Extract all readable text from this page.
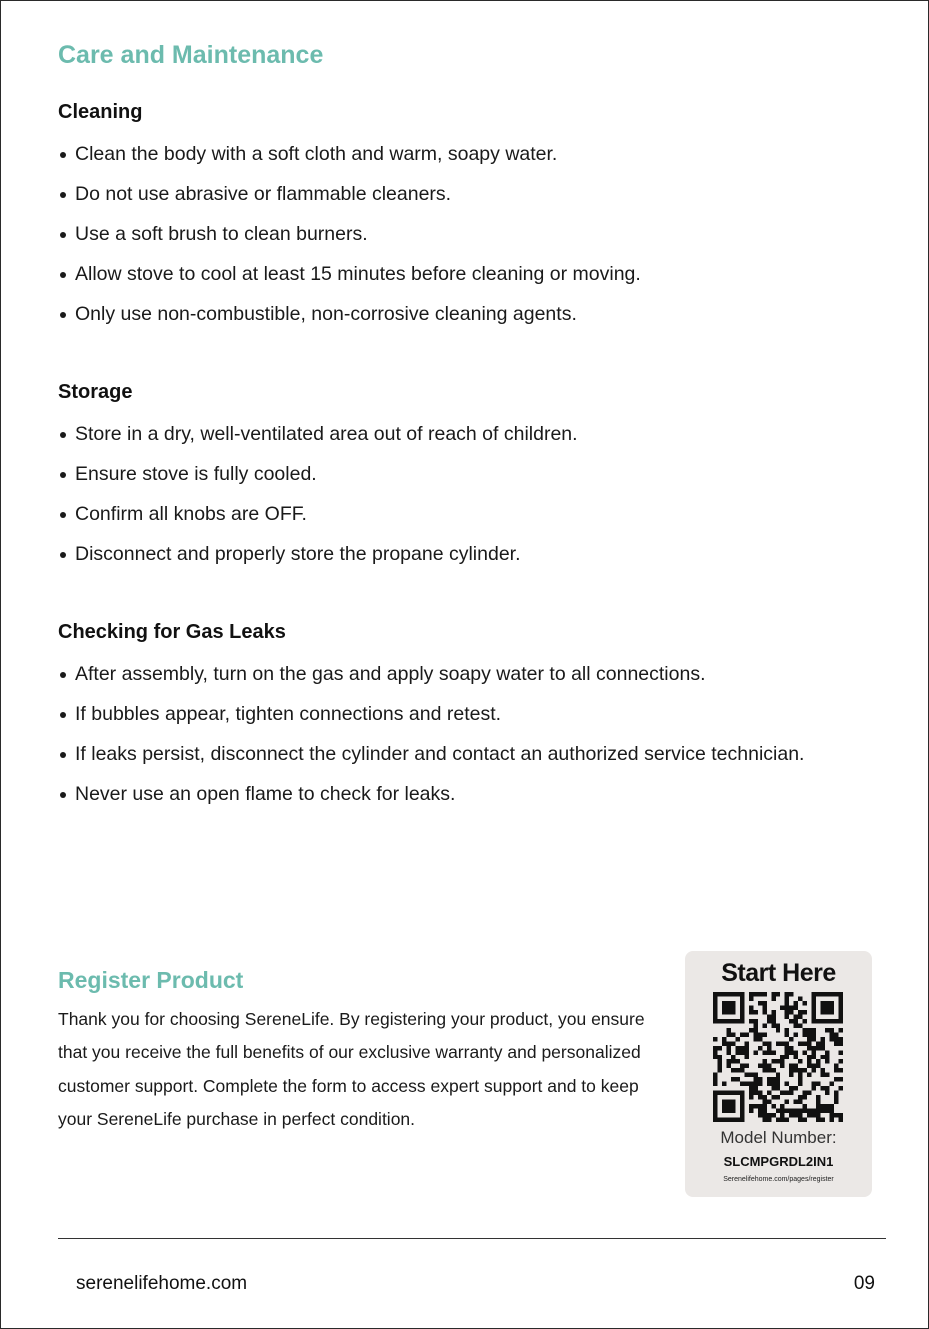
Care and Maintenance
Cleaning
Clean the body with a soft cloth and warm, soapy water.
Do not use abrasive or flammable cleaners.
Use a soft brush to clean burners.
Allow stove to cool at least 15 minutes before cleaning or moving.
Only use non-combustible, non-corrosive cleaning agents.
Storage
Store in a dry, well-ventilated area out of reach of children.
Ensure stove is fully cooled.
Confirm all knobs are OFF.
Disconnect and properly store the propane cylinder.
Checking for Gas Leaks
After assembly, turn on the gas and apply soapy water to all connections.
If bubbles appear, tighten connections and retest.
If leaks persist, disconnect the cylinder and contact an authorized service technician.
Never use an open flame to check for leaks.
Register Product

Thank you for choosing SereneLife. By registering your product, you ensure that you receive the full benefits of our exclusive warranty and personalized customer support. Complete the form to access expert support and to keep your SereneLife purchase in perfect condition.

Start Here
Model Number:
SLCMPGRDL2IN1
Serenelifehome.com/pages/register
serenelifehome.com	09
